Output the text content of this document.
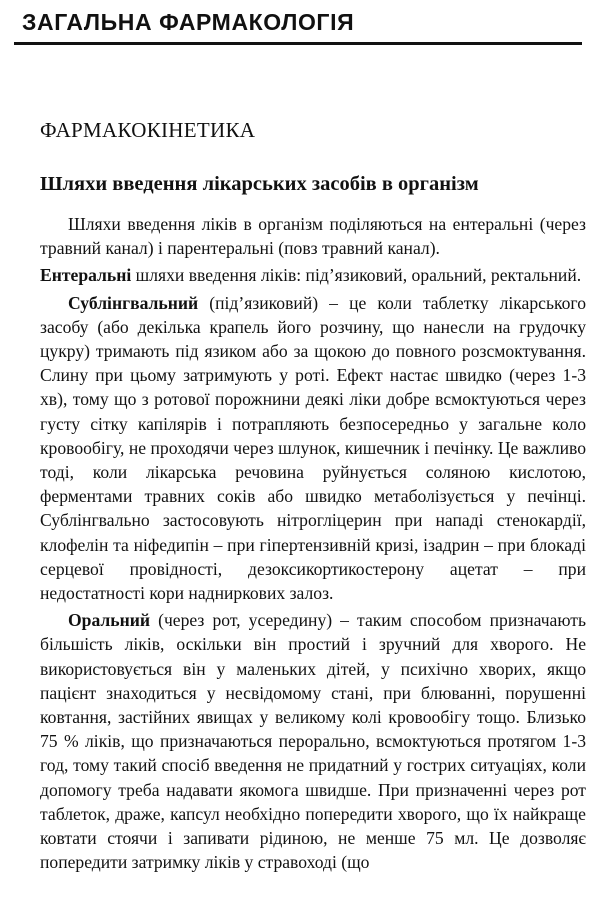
ЗАГАЛЬНА ФАРМАКОЛОГІЯ
ФАРМАКОКІНЕТИКА
Шляхи введення лікарських засобів в організм

Шляхи введення ліків в організм поділяються на ентеральні (через травний канал) і парентеральні (повз травний канал).

Ентеральні шляхи введення ліків: під’язиковий, оральний, ректальний.

Сублінгвальний (під’язиковий) – це коли таблетку лікарського засобу (або декілька крапель його розчину, що нанесли на грудочку цукру) тримають під язиком або за щокою до повного розсмоктування. Слину при цьому затримують у роті. Ефект настає швидко (через 1-3 хв), тому що з ротової порожнини деякі ліки добре всмоктуються через густу сітку капілярів і потрапляють безпосередньо у загальне коло кровообігу, не проходячи через шлунок, кишечник і печінку. Це важливо тоді, коли лікарська речовина руйнується соляною кислотою, ферментами травних соків або швидко метаболізується у печінці. Сублінгвально застосовують нітрогліцерин при нападі стенокардії, клофелін та ніфедипін – при гіпертензивній кризі, ізадрин – при блокаді серцевої провідності, дезоксикортикостерону ацетат – при недостатності кори надниркових залоз.

Оральний (через рот, усередину) – таким способом призначають більшість ліків, оскільки він простий і зручний для хворого. Не використовується він у маленьких дітей, у психічно хворих, якщо пацієнт знаходиться у несвідомому стані, при блюванні, порушенні ковтання, застійних явищах у великому колі кровообігу тощо. Близько 75 % ліків, що призначаються перорально, всмоктуються протягом 1-3 год, тому такий спосіб введення не придатний у гострих ситуаціях, коли допомогу треба надавати якомога швидше. При призначенні через рот таблеток, драже, капсул необхідно попередити хворого, що їх найкраще ковтати стоячи і запивати рідиною, не менше 75 мл. Це дозволяє попередити затримку ліків у стравоході (що
